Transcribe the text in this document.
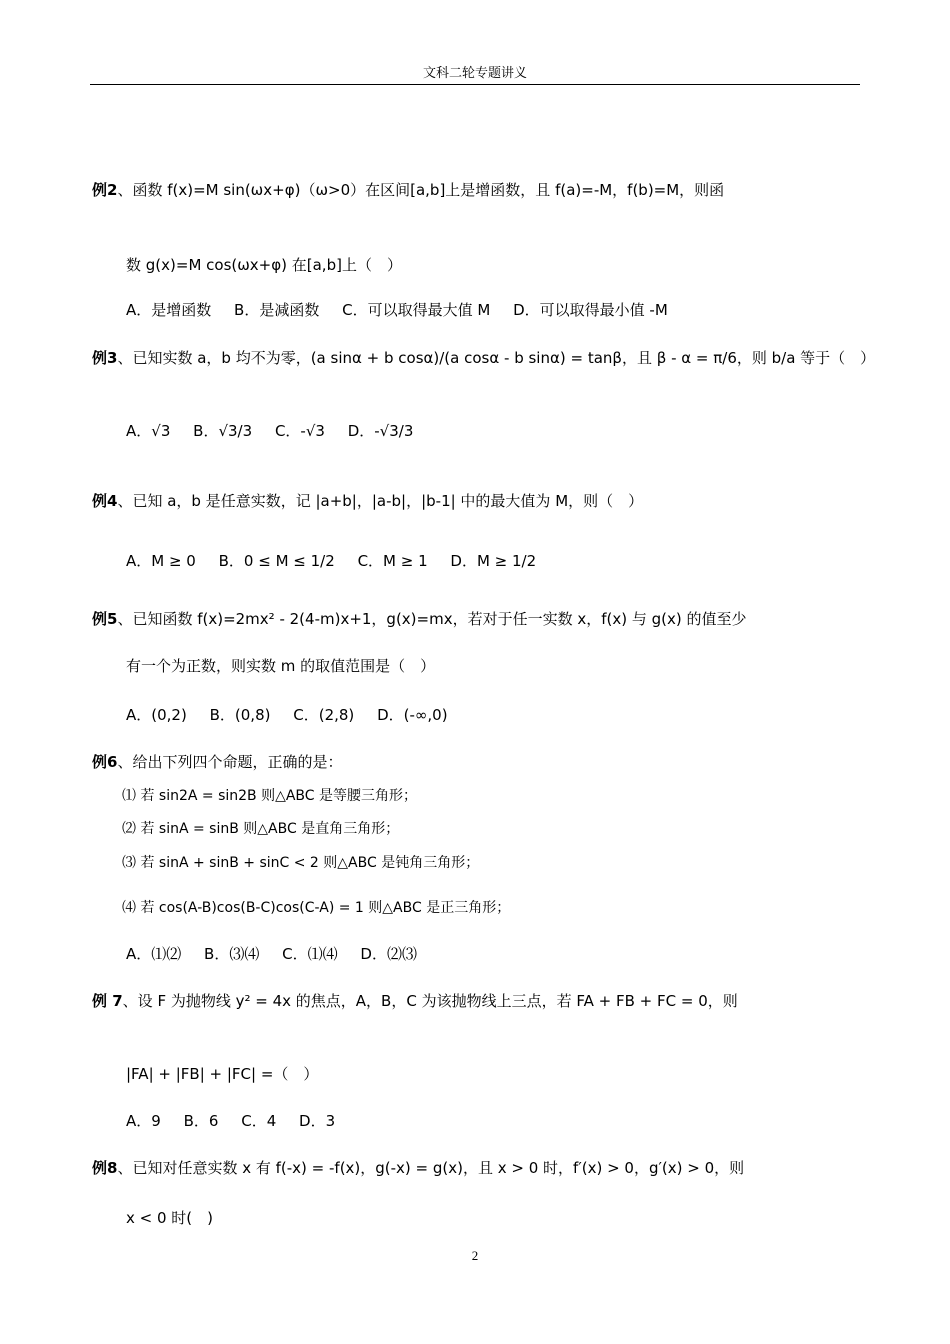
文科二轮专题讲义
例2、函数 f(x)=M sin(ωx+φ)（ω>0）在区间[a,b]上是增函数，且 f(a)=-M，f(b)=M，则函
数 g(x)=M cos(ωx+φ) 在[a,b]上（　）
A．是增函数 B．是减函数 C．可以取得最大值 M D．可以取得最小值 -M
例3、已知实数 a，b 均不为零，(a sinα + b cosα)/(a cosα - b sinα) = tanβ，且 β - α = π/6，则 b/a 等于（　）
A．√3 B．√3/3 C．-√3 D．-√3/3
例4、已知 a，b 是任意实数，记 |a+b|，|a-b|，|b-1| 中的最大值为 M，则（　）
A．M ≥ 0 B．0 ≤ M ≤ 1/2 C．M ≥ 1 D．M ≥ 1/2
例5、已知函数 f(x)=2mx² - 2(4-m)x+1，g(x)=mx，若对于任一实数 x，f(x) 与 g(x) 的值至少
有一个为正数，则实数 m 的取值范围是（　）
A．(0,2) B．(0,8) C．(2,8) D．(-∞,0)
例6、给出下列四个命题，正确的是：
⑴ 若 sin2A = sin2B 则△ABC 是等腰三角形；
⑵ 若 sinA = sinB 则△ABC 是直角三角形；
⑶ 若 sinA + sinB + sinC < 2 则△ABC 是钝角三角形；
⑷ 若 cos(A-B)cos(B-C)cos(C-A) = 1 则△ABC 是正三角形；
A．⑴⑵ B．⑶⑷ C．⑴⑷ D．⑵⑶
例 7、设 F 为抛物线 y² = 4x 的焦点，A，B，C 为该抛物线上三点，若 FA + FB + FC = 0，则
|FA| + |FB| + |FC| =（　）
A．9 B．6 C．4 D．3
例8、已知对任意实数 x 有 f(-x) = -f(x)，g(-x) = g(x)，且 x > 0 时，f′(x) > 0，g′(x) > 0，则
x < 0 时(　)
2
